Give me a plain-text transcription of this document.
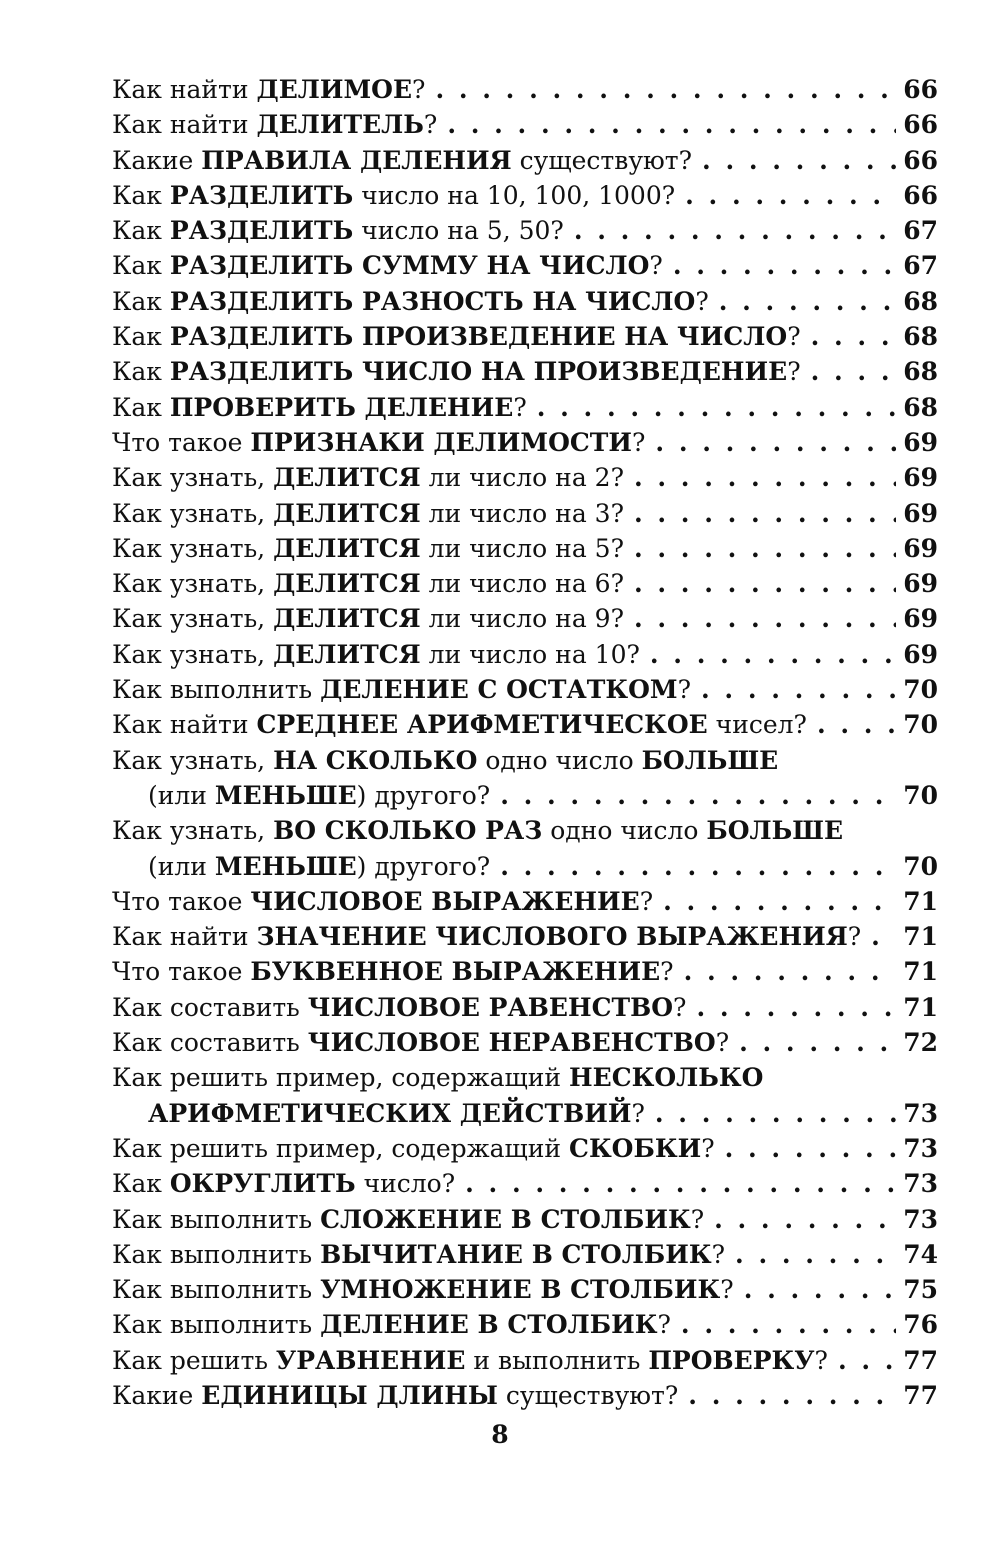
Как найти ДЕЛИМОЕ? . . .	66
Как найти ДЕЛИТЕЛЬ? . . .	66
Какие ПРАВИЛА ДЕЛЕНИЯ существуют? . . .	66
Как РАЗДЕЛИТЬ число на 10, 100, 1000? . . .	66
Как РАЗДЕЛИТЬ число на 5, 50? . . .	67
Как РАЗДЕЛИТЬ СУММУ НА ЧИСЛО? . . .	67
Как РАЗДЕЛИТЬ РАЗНОСТЬ НА ЧИСЛО? . . .	68
Как РАЗДЕЛИТЬ ПРОИЗВЕДЕНИЕ НА ЧИСЛО? . . .	68
Как РАЗДЕЛИТЬ ЧИСЛО НА ПРОИЗВЕДЕНИЕ? . . .	68
Как ПРОВЕРИТЬ ДЕЛЕНИЕ? . . .	68
Что такое ПРИЗНАКИ ДЕЛИМОСТИ? . . .	69
Как узнать, ДЕЛИТСЯ ли число на 2? . . .	69
Как узнать, ДЕЛИТСЯ ли число на 3? . . .	69
Как узнать, ДЕЛИТСЯ ли число на 5? . . .	69
Как узнать, ДЕЛИТСЯ ли число на 6? . . .	69
Как узнать, ДЕЛИТСЯ ли число на 9? . . .	69
Как узнать, ДЕЛИТСЯ ли число на 10? . . .	69
Как выполнить ДЕЛЕНИЕ С ОСТАТКОМ? . . .	70
Как найти СРЕДНЕЕ АРИФМЕТИЧЕСКОЕ чисел? . . .	70
Как узнать, НА СКОЛЬКО одно число БОЛЬШЕ
(или МЕНЬШЕ) другого? . . .	70
Как узнать, ВО СКОЛЬКО РАЗ одно число БОЛЬШЕ
(или МЕНЬШЕ) другого? . . .	70
Что такое ЧИСЛОВОЕ ВЫРАЖЕНИЕ? . . .	71
Как найти ЗНАЧЕНИЕ ЧИСЛОВОГО ВЫРАЖЕНИЯ? . . . 71
Что такое БУКВЕННОЕ ВЫРАЖЕНИЕ? . . .	71
Как составить ЧИСЛОВОЕ РАВЕНСТВО? . . .	71
Как составить ЧИСЛОВОЕ НЕРАВЕНСТВО? . . .	72
Как решить пример, содержащий НЕСКОЛЬКО
АРИФМЕТИЧЕСКИХ ДЕЙСТВИЙ? . . .	73
Как решить пример, содержащий СКОБКИ? . . .	73
Как ОКРУГЛИТЬ число? . . .	73
Как выполнить СЛОЖЕНИЕ В СТОЛБИК? . . .	73
Как выполнить ВЫЧИТАНИЕ В СТОЛБИК? . . .	74
Как выполнить УМНОЖЕНИЕ В СТОЛБИК? . . .	75
Как выполнить ДЕЛЕНИЕ В СТОЛБИК? . . .	76
Как решить УРАВНЕНИЕ и выполнить ПРОВЕРКУ? . . .	77
Какие ЕДИНИЦЫ ДЛИНЫ существуют? . . .	77
8
